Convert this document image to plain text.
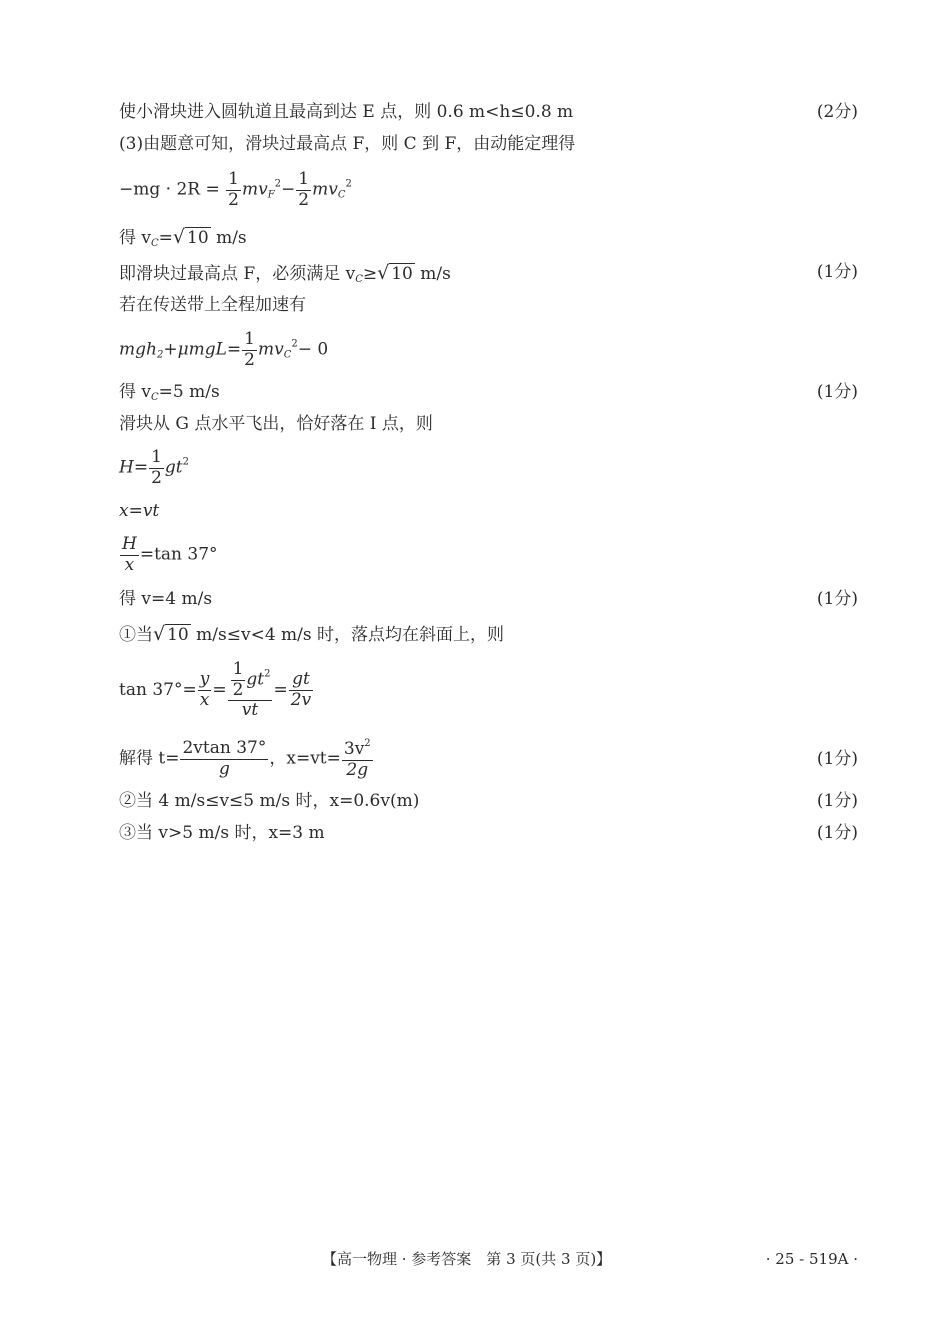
使小滑块进入圆轨道且最高到达 E 点，则 0.6 m<h≤0.8 m	(2分)
(3)由题意可知，滑块过最高点 F，则 C 到 F，由动能定理得
$-mg \cdot 2R = \frac{1}{2} mv_F^2- \frac{1}{2} mv_C^2$
得 $v_C=√$ 10 m/s
即滑块过最高点 F，必须满足 $v_C\ge√$ 10 m/s	(1分)
若在传送带上全程加速有
$mgh_2+\mu mgL= \frac{1}{2} mv_C^2- 0$
得 $v_C=5$ m/s	(1分)
滑块从 G 点水平飞出，恰好落在 I 点，则
$H= \frac{1}{2} gt^2$
x=vt
$\frac{H}{x} =\tan$ 37°
得 v=4 m/s	(1分)
①当√ 10 m/s≤v<4 m/s 时，落点均在斜面上，则
$\tan 37^\circ= \frac{y}{x} = \frac{\frac{1}{2} gt^2}{vt} = \frac{gt}{2v}$
解得 $t= \frac{2vtan 37^\circ}{g}$ ，$x=vt= \frac{3v^2}{2g}$	(1分)
②当 4 m/s≤v≤5 m/s 时，x=0.6v(m)	(1分)
③当 v>5 m/s 时，x=3 m	(1分)
【高一物理 · 参考答案　第 3 页(共 3 页)】	· 25 - 519A ·
